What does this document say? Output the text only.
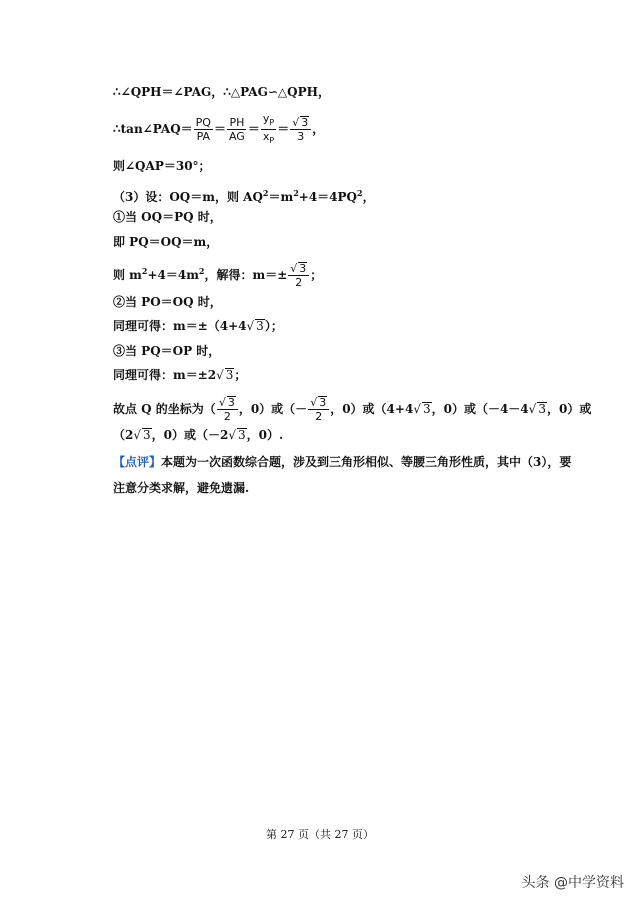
∴∠QPH＝∠PAG，∴△PAG∽△QPH，
∴tan∠PAQ＝ $\frac{PQ}{PA} = \frac{PH}{AG} = \frac{y_P}{x_P} = \frac{√ 3}{3}$ ，
则∠QAP＝30°；
（3）设：OQ＝m，则 $AQ^2=m^2+4=4PQ^2$，
①当 OQ＝PQ 时，
即 PQ＝OQ＝m，
则 $m^2+4=4m^2$，解得：$m=\pm \frac{√ 3}{2}$ ；
②当 PO＝OQ 时，
同理可得：m＝±（4+4√ 3）；
③当 PQ＝OP 时，
同理可得：m＝±2√ 3；
故点 Q 的坐标为（ $\frac{√ 3}{2}$ ，0）或（－ $\frac{√ 3}{2}$ ，0）或（4+4√ 3，0）或（－4－4√ 3，0）或
（2√ 3，0）或（－2√ 3，0）.
【点评】本题为一次函数综合题，涉及到三角形相似、等腰三角形性质，其中（3），要
注意分类求解，避免遗漏.
第 27 页（共 27 页）
头条 @中学资料
